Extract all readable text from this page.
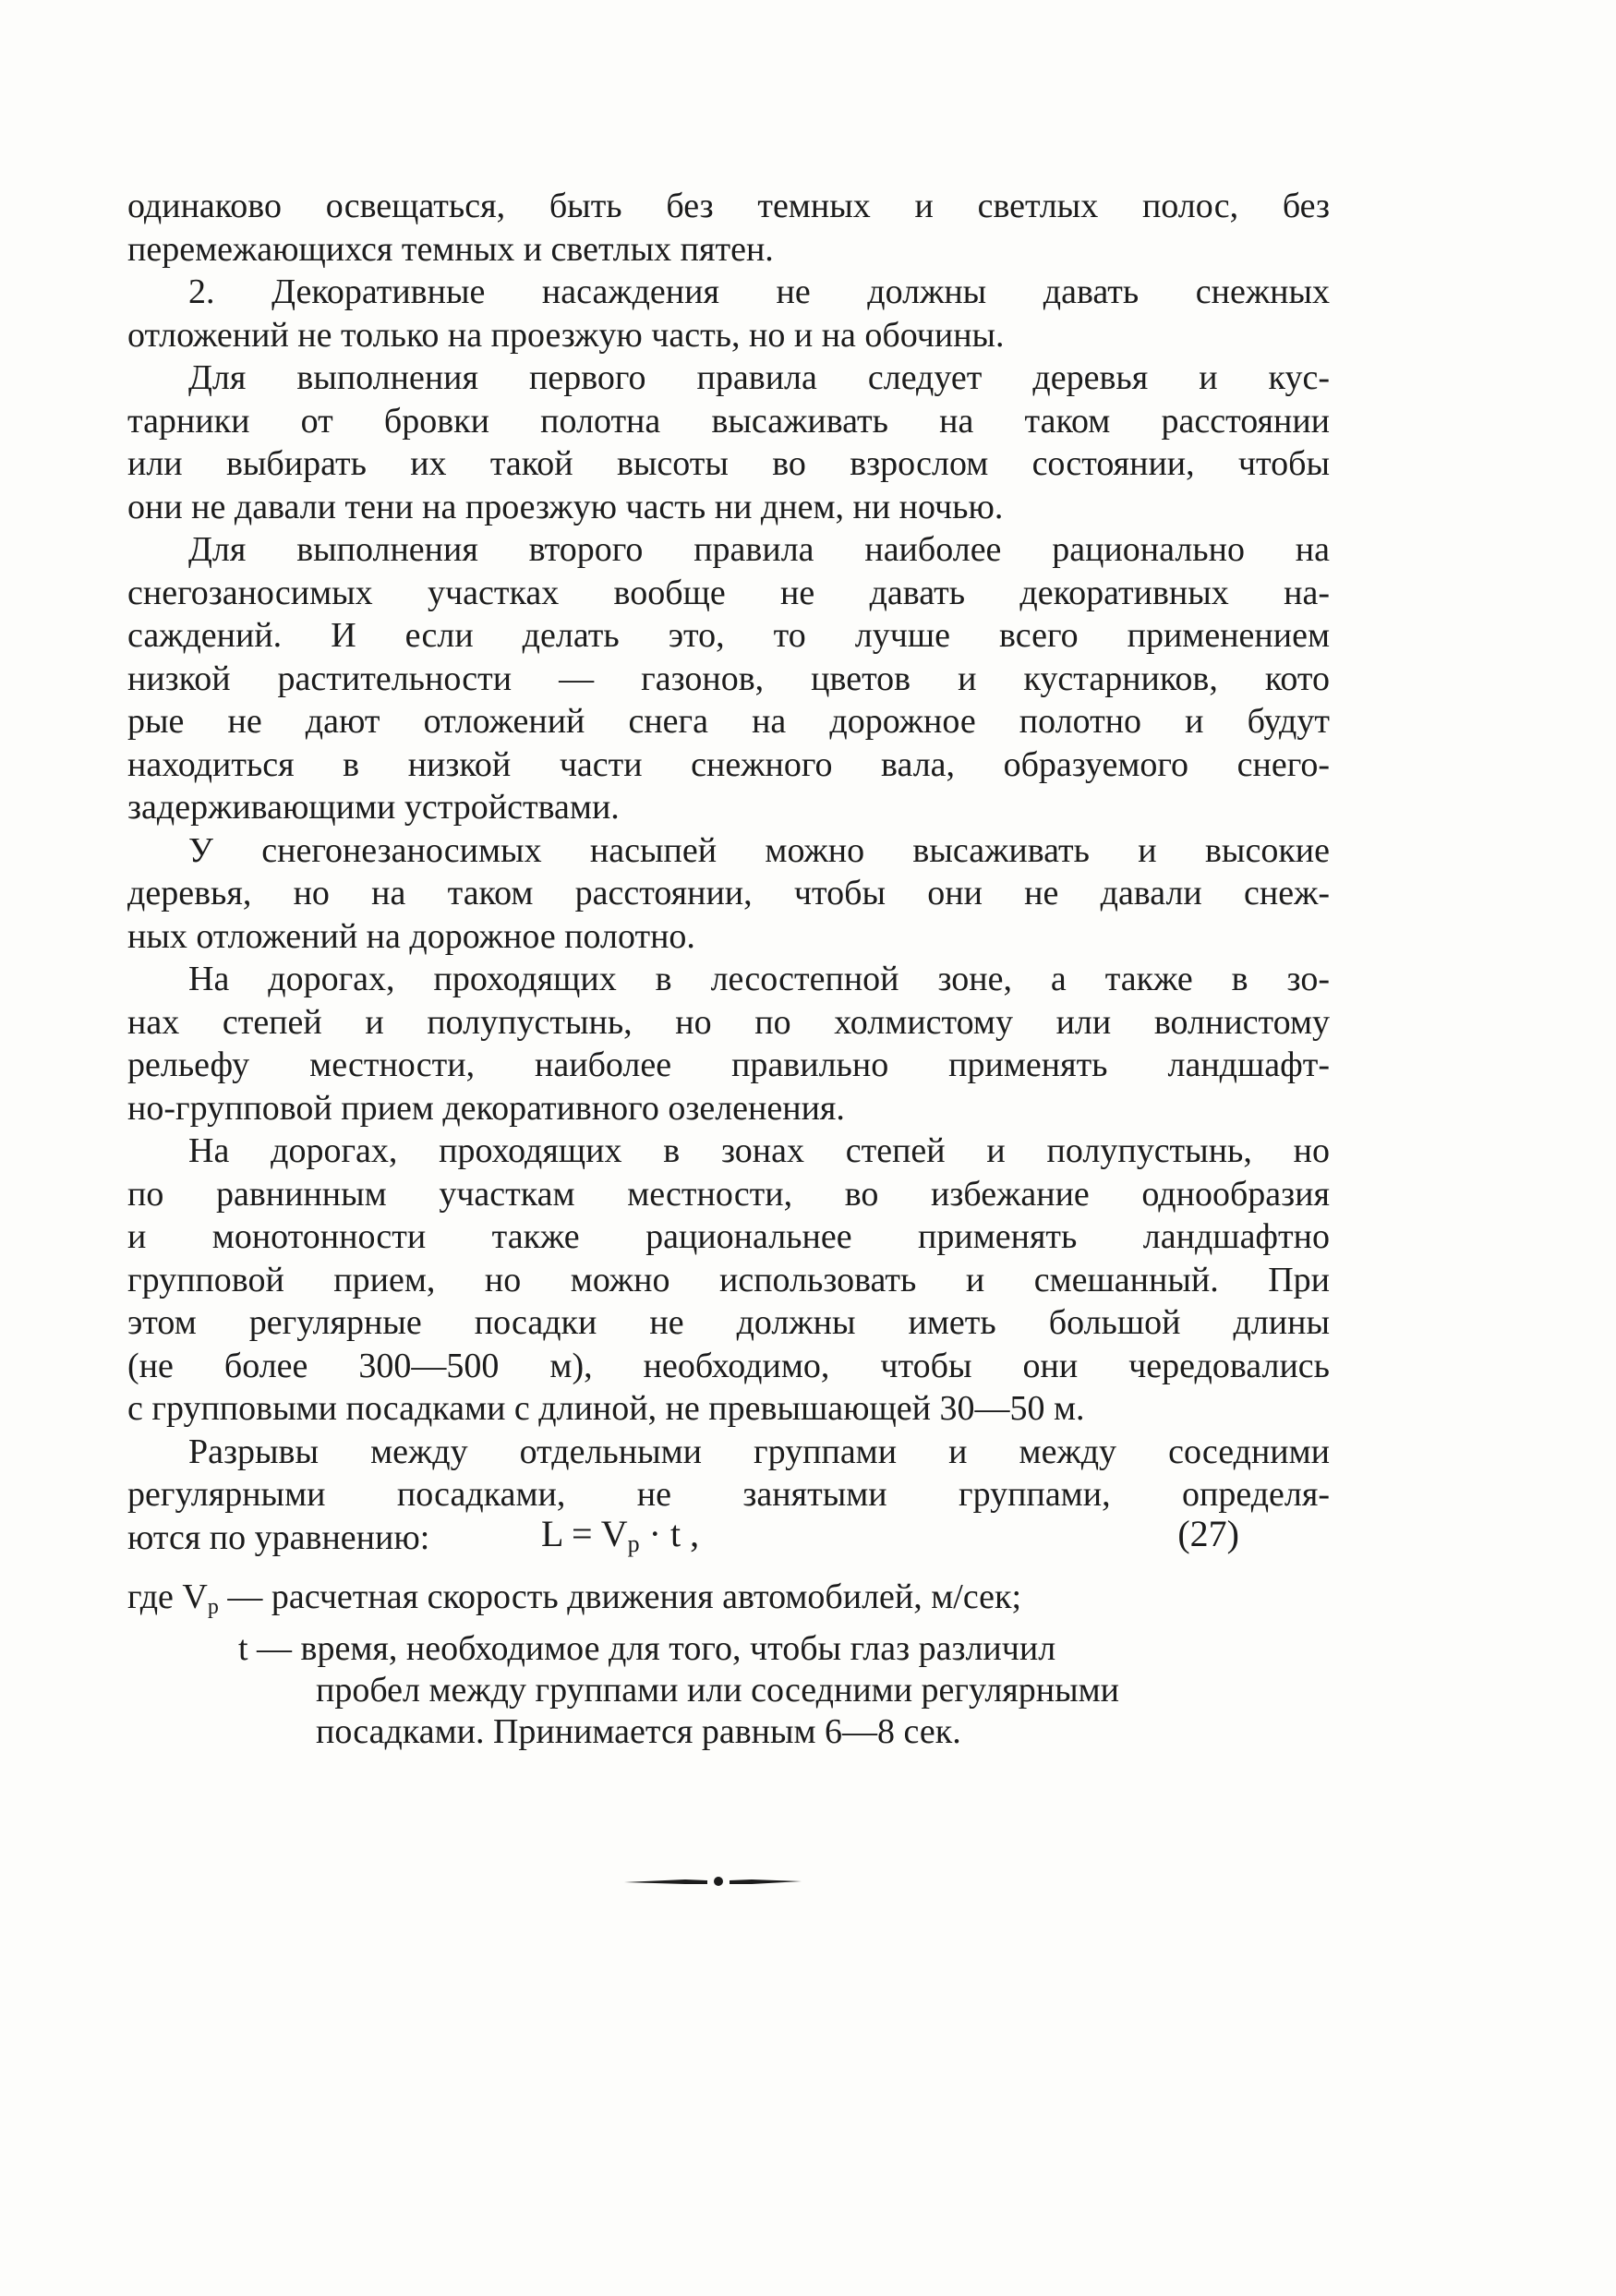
одинаково освещаться, быть без темных и светлых полос, без
перемежающихся темных и светлых пятен.
2. Декоративные насаждения не должны давать снежных
отложений не только на проезжую часть, но и на обочины.
Для выполнения первого правила следует деревья и кус-
тарники от бровки полотна высаживать на таком расстоянии
или выбирать их такой высоты во взрослом состоянии, чтобы
они не давали тени на проезжую часть ни днем, ни ночью.
Для выполнения второго правила наиболее рационально на
снегозаносимых участках вообще не давать декоративных на-
саждений. И если делать это, то лучше всего применением
низкой растительности — газонов, цветов и кустарников, кото
рые не дают отложений снега на дорожное полотно и будут
находиться в низкой части снежного вала, образуемого снего-
задерживающими устройствами.
У снегонезаносимых насыпей можно высаживать и высокие
деревья, но на таком расстоянии, чтобы они не давали снеж-
ных отложений на дорожное полотно.
На дорогах, проходящих в лесостепной зоне, а также в зо-
нах степей и полупустынь, но по холмистому или волнистому
рельефу местности, наиболее правильно применять ландшафт-
но-групповой прием декоративного озеленения.
На дорогах, проходящих в зонах степей и полупустынь, но
по равнинным участкам местности, во избежание однообразия
и монотонности также рациональнее применять ландшафтно
групповой прием, но можно использовать и смешанный. При
этом регулярные посадки не должны иметь большой длины
(не более 300—500 м), необходимо, чтобы они чередовались
с групповыми посадками с длиной, не превышающей 30—50 м.
Разрывы между отдельными группами и между соседними
регулярными посадками, не занятыми группами, определя-
ются по уравнению:	$L = V_р \cdot t$ ,	(27)
где $V_р$ — расчетная скорость движения автомобилей, м/сек;
t — время, необходимое для того, чтобы глаз различил
пробел между группами или соседними регулярными
посадками. Принимается равным 6—8 сек.
